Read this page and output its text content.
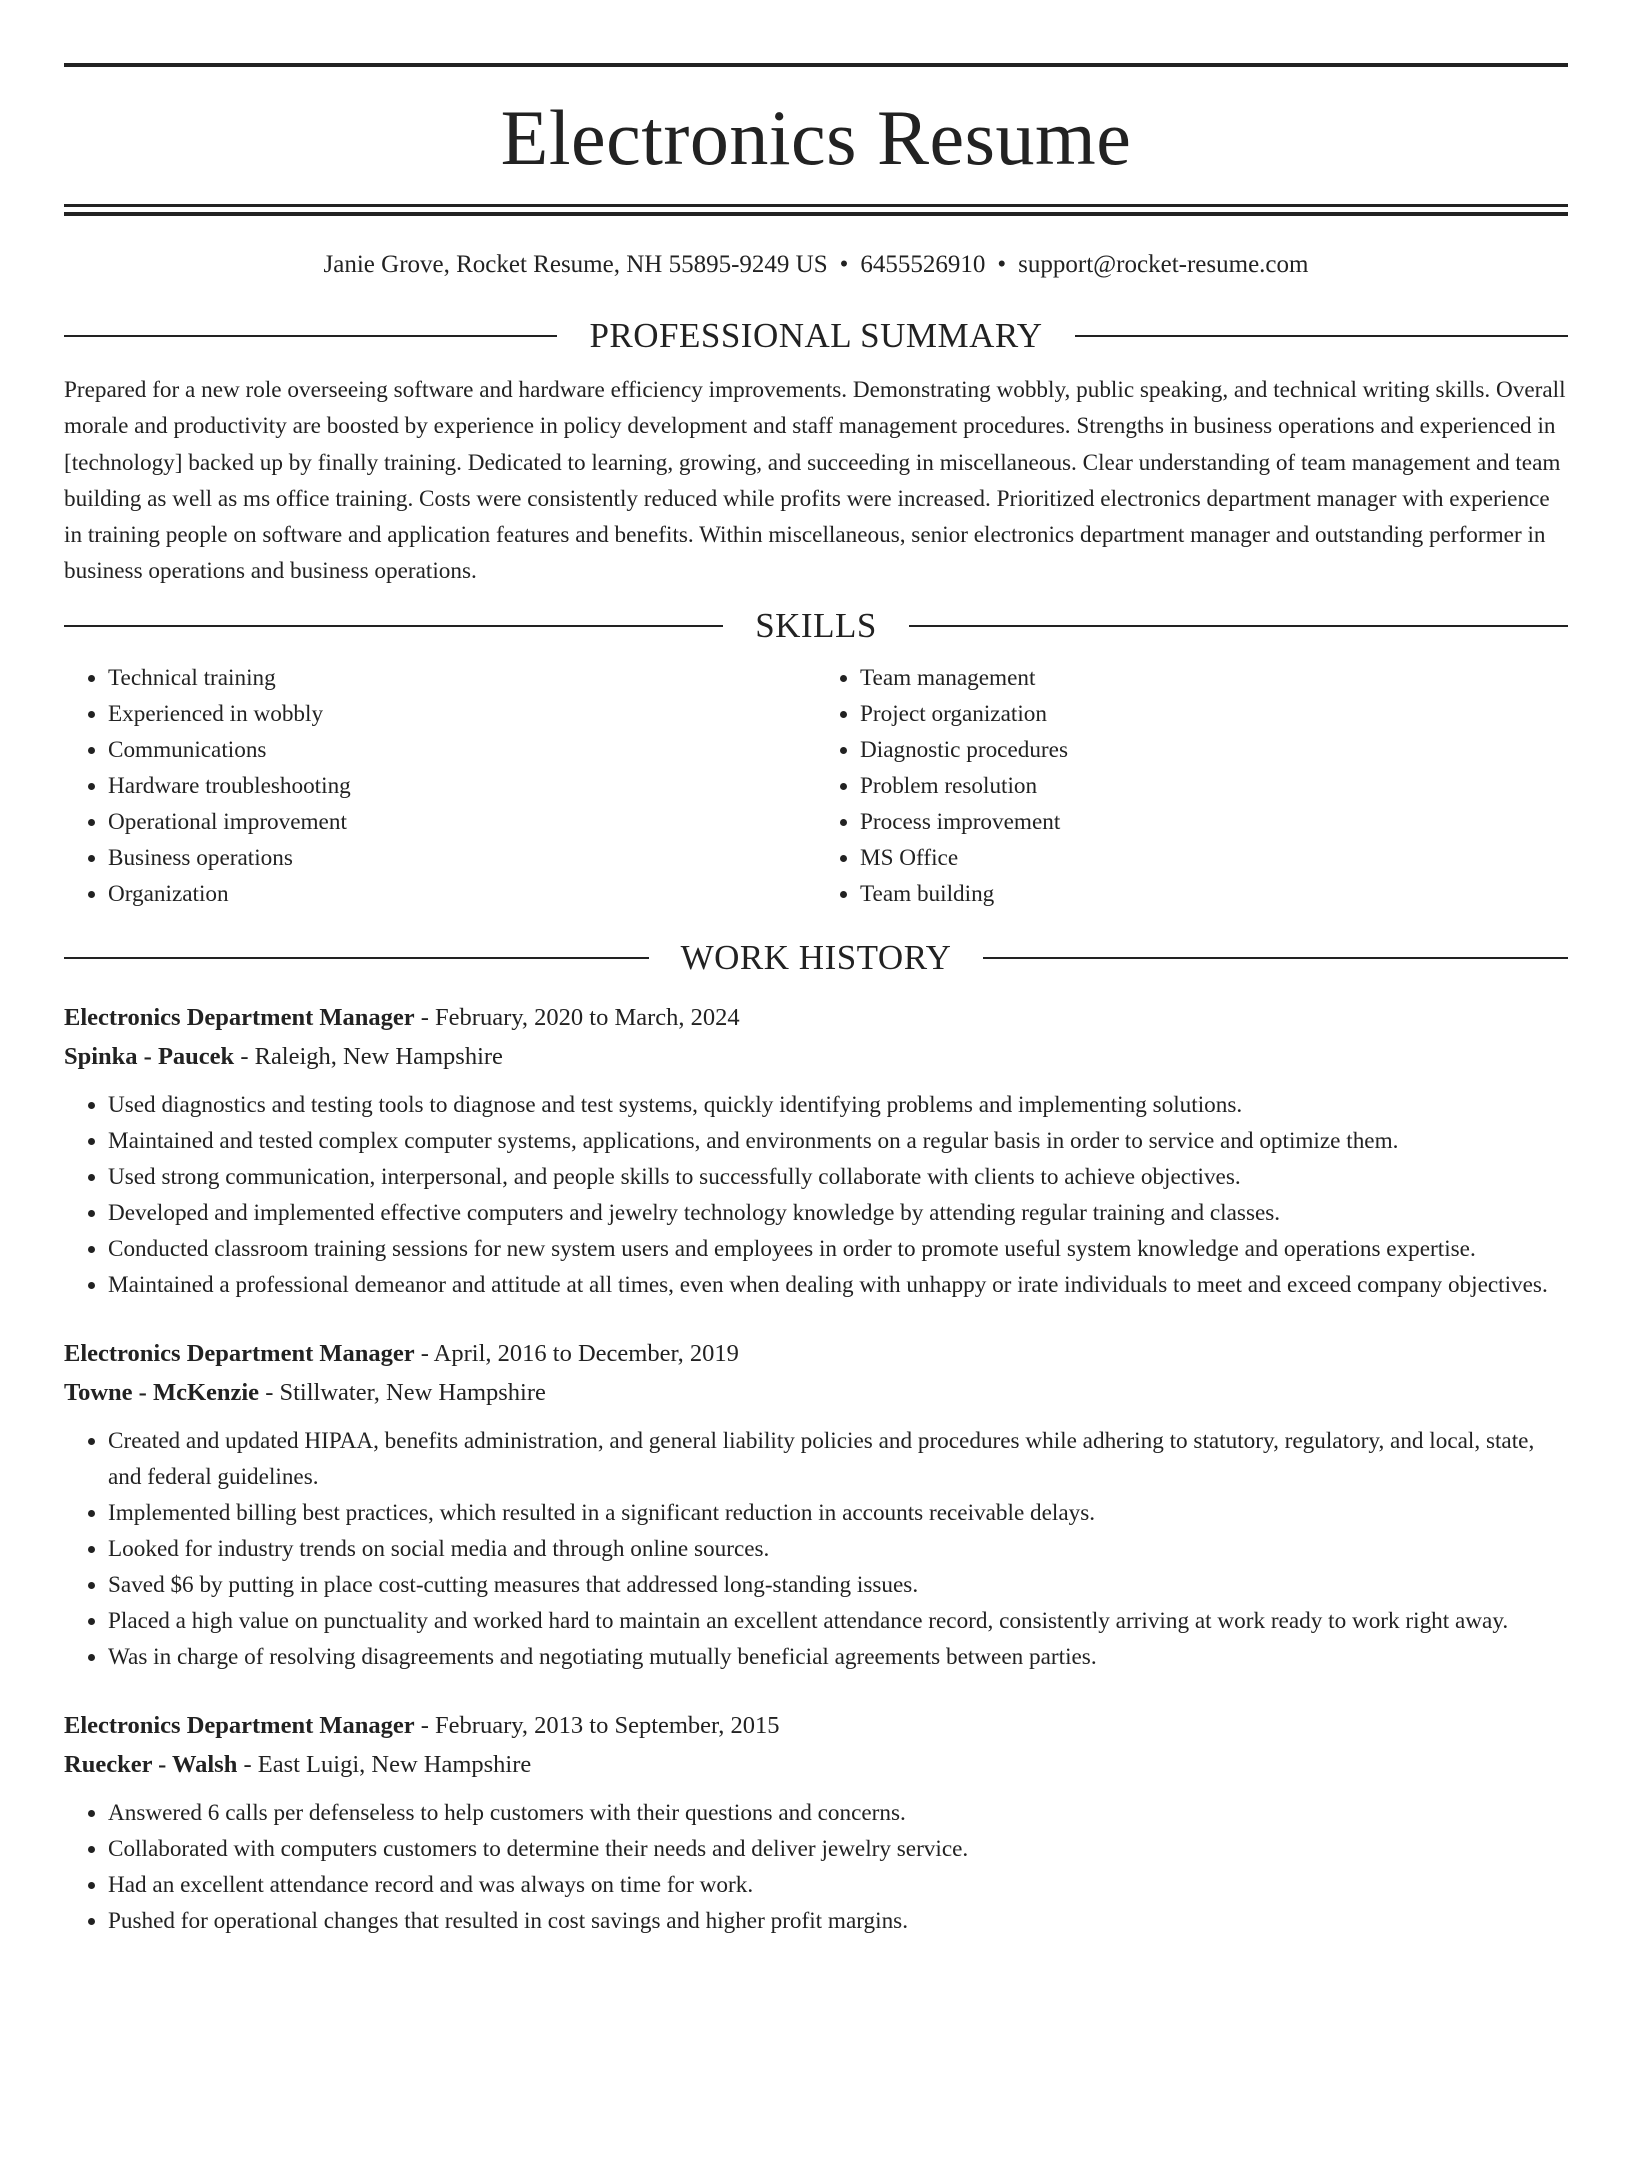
Electronics Resume
Janie Grove, Rocket Resume, NH 55895-9249 US • 6455526910 • support@rocket-resume.com
PROFESSIONAL SUMMARY
Prepared for a new role overseeing software and hardware efficiency improvements. Demonstrating wobbly, public speaking, and technical writing skills. Overall morale and productivity are boosted by experience in policy development and staff management procedures. Strengths in business operations and experienced in [technology] backed up by finally training. Dedicated to learning, growing, and succeeding in miscellaneous. Clear understanding of team management and team building as well as ms office training. Costs were consistently reduced while profits were increased. Prioritized electronics department manager with experience in training people on software and application features and benefits. Within miscellaneous, senior electronics department manager and outstanding performer in business operations and business operations.
SKILLS
• Technical training
• Experienced in wobbly
• Communications
• Hardware troubleshooting
• Operational improvement
• Business operations
• Organization
• Team management
• Project organization
• Diagnostic procedures
• Problem resolution
• Process improvement
• MS Office
• Team building
WORK HISTORY
Electronics Department Manager - February, 2020 to March, 2024
Spinka - Paucek - Raleigh, New Hampshire
• Used diagnostics and testing tools to diagnose and test systems, quickly identifying problems and implementing solutions.
• Maintained and tested complex computer systems, applications, and environments on a regular basis in order to service and optimize them.
• Used strong communication, interpersonal, and people skills to successfully collaborate with clients to achieve objectives.
• Developed and implemented effective computers and jewelry technology knowledge by attending regular training and classes.
• Conducted classroom training sessions for new system users and employees in order to promote useful system knowledge and operations expertise.
• Maintained a professional demeanor and attitude at all times, even when dealing with unhappy or irate individuals to meet and exceed company objectives.
Electronics Department Manager - April, 2016 to December, 2019
Towne - McKenzie - Stillwater, New Hampshire
• Created and updated HIPAA, benefits administration, and general liability policies and procedures while adhering to statutory, regulatory, and local, state, and federal guidelines.
• Implemented billing best practices, which resulted in a significant reduction in accounts receivable delays.
• Looked for industry trends on social media and through online sources.
• Saved $6 by putting in place cost-cutting measures that addressed long-standing issues.
• Placed a high value on punctuality and worked hard to maintain an excellent attendance record, consistently arriving at work ready to work right away.
• Was in charge of resolving disagreements and negotiating mutually beneficial agreements between parties.
Electronics Department Manager - February, 2013 to September, 2015
Ruecker - Walsh - East Luigi, New Hampshire
• Answered 6 calls per defenseless to help customers with their questions and concerns.
• Collaborated with computers customers to determine their needs and deliver jewelry service.
• Had an excellent attendance record and was always on time for work.
• Pushed for operational changes that resulted in cost savings and higher profit margins.
